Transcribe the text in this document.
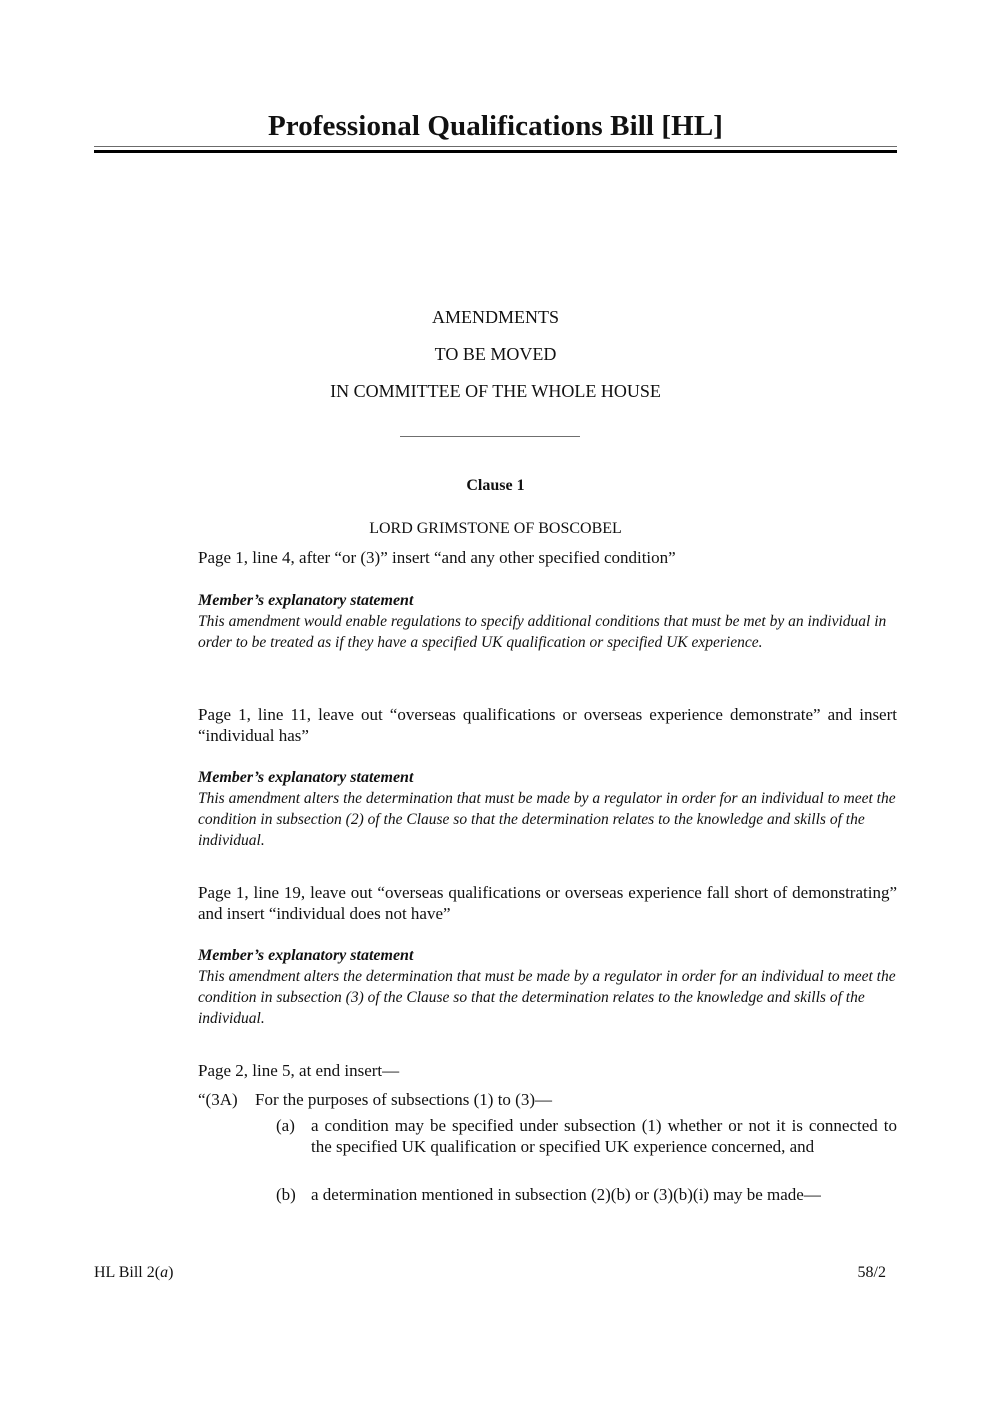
Professional Qualifications Bill [HL]
AMENDMENTS
TO BE MOVED
IN COMMITTEE OF THE WHOLE HOUSE
Clause 1
LORD GRIMSTONE OF BOSCOBEL

Page 1, line 4, after “or (3)” insert “and any other specified condition”

Member’s explanatory statement

This amendment would enable regulations to specify additional conditions that must be met by an individual in order to be treated as if they have a specified UK qualification or specified UK experience.

Page 1, line 11, leave out “overseas qualifications or overseas experience demonstrate” and insert “individual has”

Member’s explanatory statement

This amendment alters the determination that must be made by a regulator in order for an individual to meet the condition in subsection (2) of the Clause so that the determination relates to the knowledge and skills of the individual.

Page 1, line 19, leave out “overseas qualifications or overseas experience fall short of demonstrating” and insert “individual does not have”

Member’s explanatory statement

This amendment alters the determination that must be made by a regulator in order for an individual to meet the condition in subsection (3) of the Clause so that the determination relates to the knowledge and skills of the individual.

Page 2, line 5, at end insert—

“(3A) For the purposes of subsections (1) to (3)—
(a) a condition may be specified under subsection (1) whether or not it is connected to the specified UK qualification or specified UK experience concerned, and
(b) a determination mentioned in subsection (2)(b) or (3)(b)(i) may be made—
HL Bill 2(a)	58/2
